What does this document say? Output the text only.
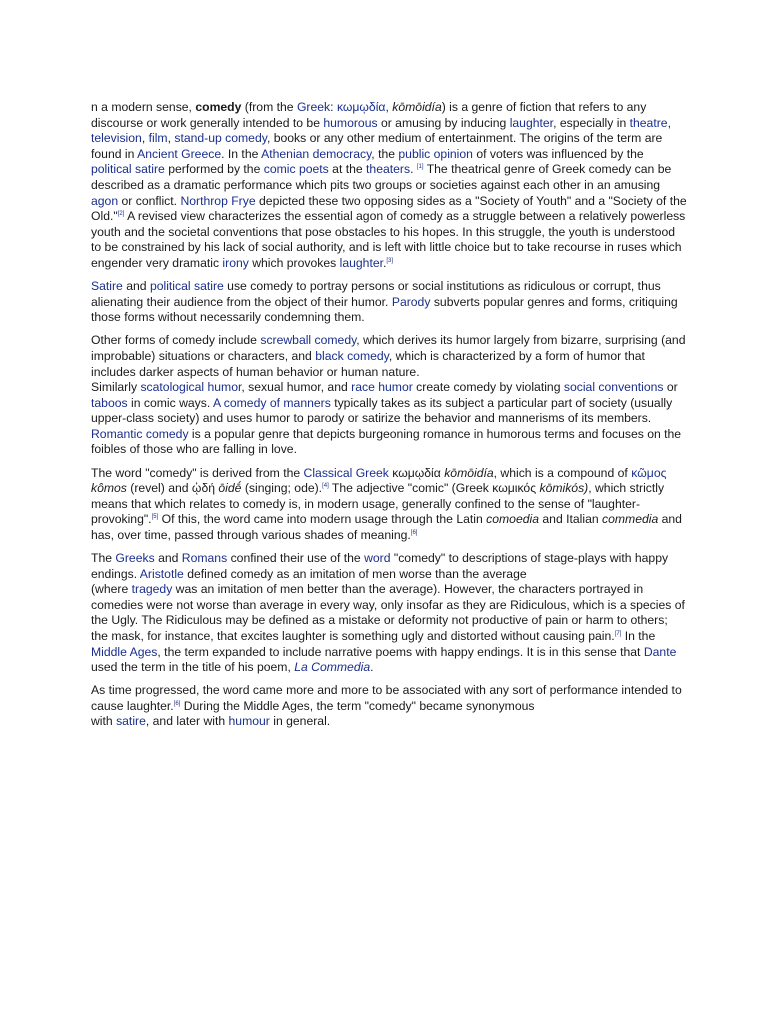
n a modern sense, comedy (from the Greek: κωμῳδία, kōmōidía) is a genre of fiction that refers to any discourse or work generally intended to be humorous or amusing by inducing laughter, especially in theatre, television, film, stand-up comedy, books or any other medium of entertainment. The origins of the term are found in Ancient Greece. In the Athenian democracy, the public opinion of voters was influenced by the political satire performed by the comic poets at the theaters. [1] The theatrical genre of Greek comedy can be described as a dramatic performance which pits two groups or societies against each other in an amusing agon or conflict. Northrop Frye depicted these two opposing sides as a "Society of Youth" and a "Society of the Old."[2] A revised view characterizes the essential agon of comedy as a struggle between a relatively powerless youth and the societal conventions that pose obstacles to his hopes. In this struggle, the youth is understood to be constrained by his lack of social authority, and is left with little choice but to take recourse in ruses which engender very dramatic irony which provokes laughter.[3]

Satire and political satire use comedy to portray persons or social institutions as ridiculous or corrupt, thus alienating their audience from the object of their humor. Parody subverts popular genres and forms, critiquing those forms without necessarily condemning them.

Other forms of comedy include screwball comedy, which derives its humor largely from bizarre, surprising (and improbable) situations or characters, and black comedy, which is characterized by a form of humor that includes darker aspects of human behavior or human nature.
Similarly scatological humor, sexual humor, and race humor create comedy by violating social conventions or taboos in comic ways. A comedy of manners typically takes as its subject a particular part of society (usually upper-class society) and uses humor to parody or satirize the behavior and mannerisms of its members. Romantic comedy is a popular genre that depicts burgeoning romance in humorous terms and focuses on the foibles of those who are falling in love.

The word "comedy" is derived from the Classical Greek κωμῳδία kōmōidía, which is a compound of κῶμος kômos (revel) and ᾠδή ōidḗ (singing; ode).[4] The adjective "comic" (Greek κωμικός kōmikós), which strictly means that which relates to comedy is, in modern usage, generally confined to the sense of "laughter-provoking".[5] Of this, the word came into modern usage through the Latin comoedia and Italian commedia and has, over time, passed through various shades of meaning.[6]

The Greeks and Romans confined their use of the word "comedy" to descriptions of stage-plays with happy endings. Aristotle defined comedy as an imitation of men worse than the average
(where tragedy was an imitation of men better than the average). However, the characters portrayed in comedies were not worse than average in every way, only insofar as they are Ridiculous, which is a species of the Ugly. The Ridiculous may be defined as a mistake or deformity not productive of pain or harm to others; the mask, for instance, that excites laughter is something ugly and distorted without causing pain.[7] In the Middle Ages, the term expanded to include narrative poems with happy endings. It is in this sense that Dante used the term in the title of his poem, La Commedia.

As time progressed, the word came more and more to be associated with any sort of performance intended to cause laughter.[6] During the Middle Ages, the term "comedy" became synonymous
with satire, and later with humour in general.
